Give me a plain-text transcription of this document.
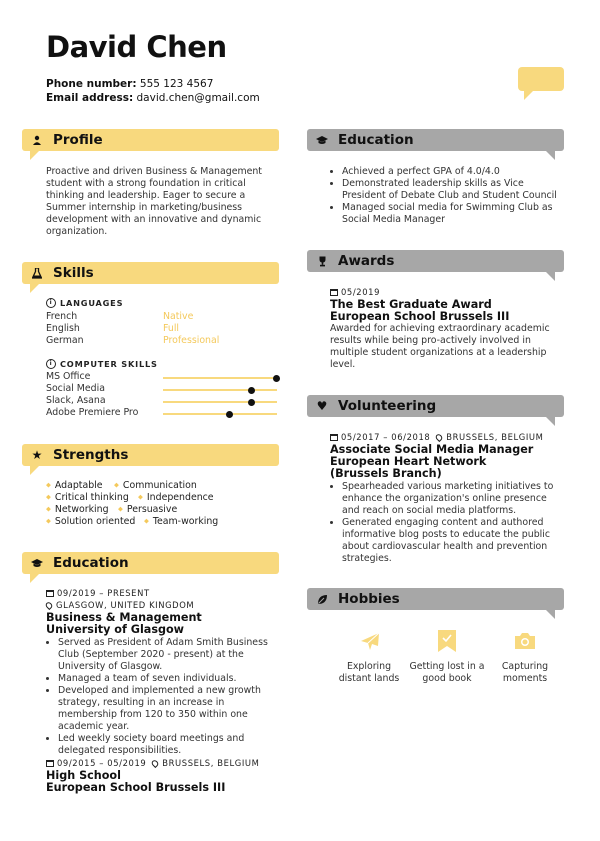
David Chen
Phone number: 555 123 4567
Email address: david.chen@gmail.com
Profile
Proactive and driven Business & Management student with a strong foundation in critical thinking and leadership. Eager to secure a Summer internship in marketing/business development with an innovative and dynamic organization.
Skills
i LANGUAGES
French	Native
English	Full
German	Professional
i COMPUTER SKILLS
MS Office
Social Media
Slack, Asana
Adobe Premiere Pro
★ Strengths
⬥ Adaptable ⬥ Communication
⬥ Critical thinking ⬥ Independence
⬥ Networking ⬥ Persuasive
⬥ Solution oriented ⬥ Team-working
Education
09/2019 – PRESENT
GLASGOW, UNITED KINGDOM
Business & Management
University of Glasgow
• Served as President of Adam Smith Business Club (September 2020 - present) at the University of Glasgow.
• Managed a team of seven individuals.
• Developed and implemented a new growth strategy, resulting in an increase in membership from 120 to 350 within one academic year.
• Led weekly society board meetings and delegated responsibilities.
09/2015 – 05/2019 BRUSSELS, BELGIUM
High School
European School Brussels III
Education
• Achieved a perfect GPA of 4.0/4.0
• Demonstrated leadership skills as Vice President of Debate Club and Student Council
• Managed social media for Swimming Club as Social Media Manager
Awards
05/2019
The Best Graduate Award
European School Brussels III
Awarded for achieving extraordinary academic results while being pro-actively involved in multiple student organizations at a leadership level.
♥ Volunteering
05/2017 – 06/2018 BRUSSELS, BELGIUM
Associate Social Media Manager
European Heart Network (Brussels Branch)
• Spearheaded various marketing initiatives to enhance the organization's online presence and reach on social media platforms.
• Generated engaging content and authored informative blog posts to educate the public about cardiovascular health and prevention strategies.
Hobbies
Exploring distant lands
Getting lost in a good book
Capturing moments
